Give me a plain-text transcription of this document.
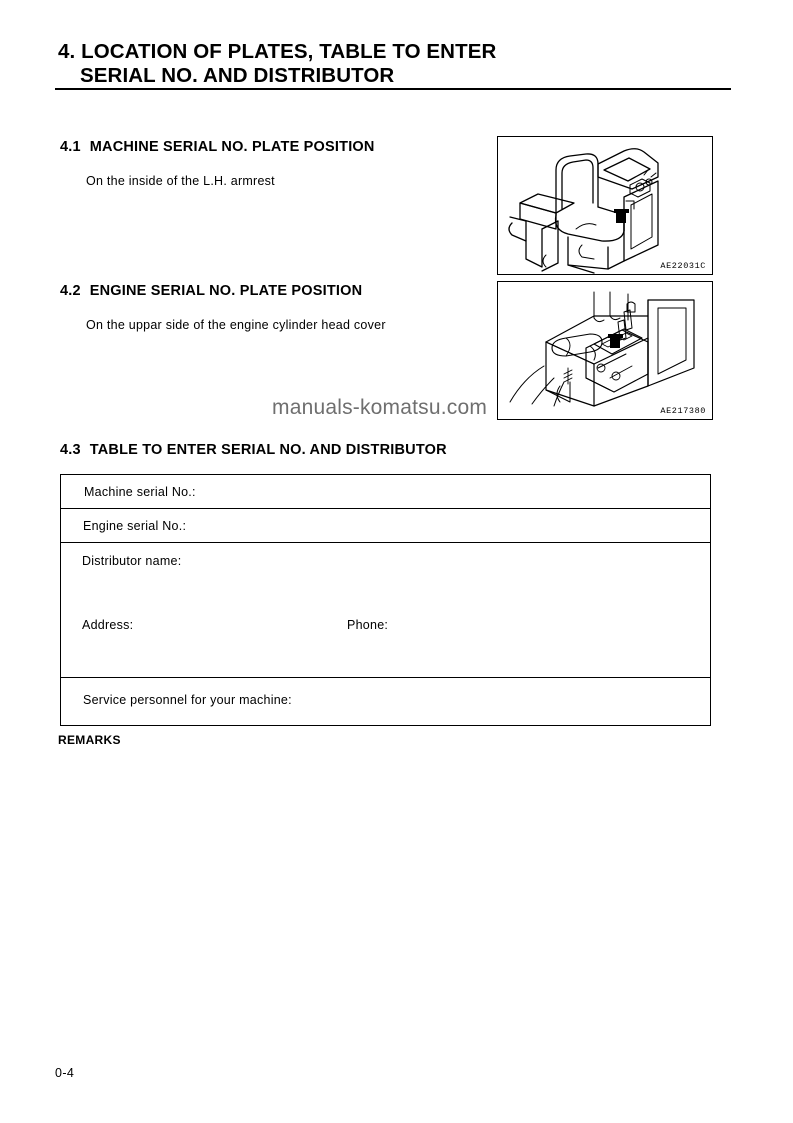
4. LOCATION OF PLATES, TABLE TO ENTER
SERIAL NO. AND DISTRIBUTOR
4.1 MACHINE SERIAL NO. PLATE POSITION
On the inside of the L.H. armrest
4.2 ENGINE SERIAL NO. PLATE POSITION
On the uppar side of the engine cylinder head cover
AE22031C
AE217380
manuals-komatsu.com
4.3 TABLE TO ENTER SERIAL NO. AND DISTRIBUTOR
Machine serial No.:
Engine serial No.:
Distributor name:
Address:	Phone:
Service personnel for your machine:
REMARKS
0-4
